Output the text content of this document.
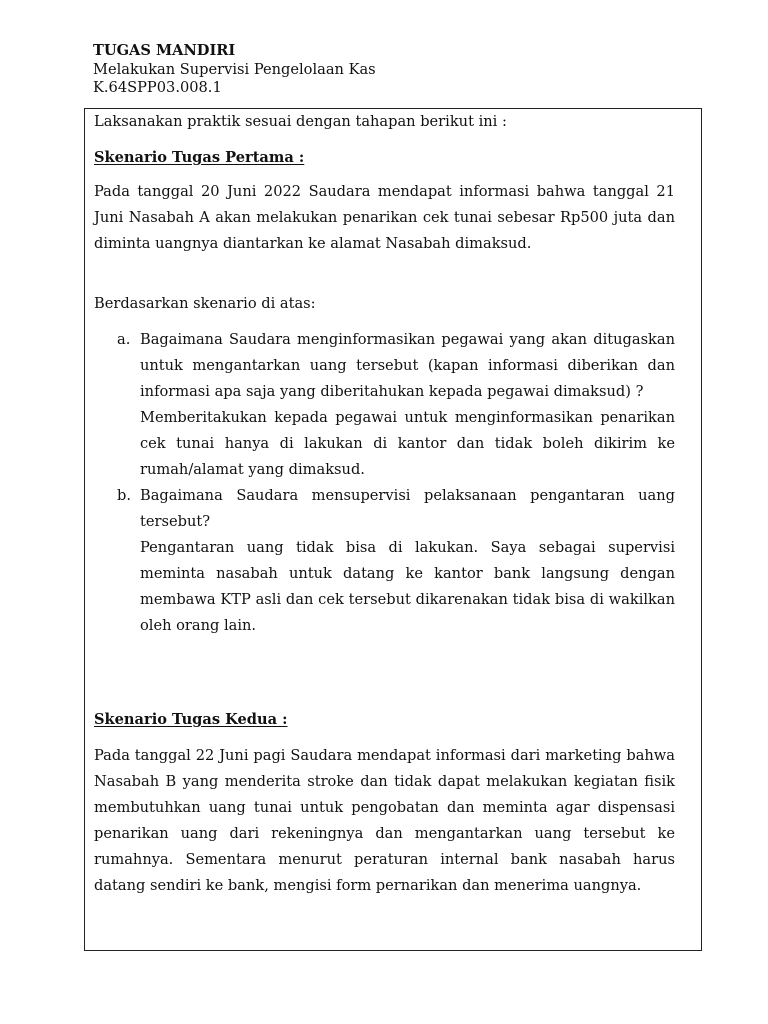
TUGAS MANDIRI
Melakukan Supervisi Pengelolaan Kas
K.64SPP03.008.1

Laksanakan praktik sesuai dengan tahapan berikut ini :

Skenario Tugas Pertama :

Pada tanggal 20 Juni 2022 Saudara mendapat informasi bahwa tanggal 21 Juni Nasabah A akan melakukan penarikan cek tunai sebesar Rp500 juta dan diminta uangnya diantarkan ke alamat Nasabah dimaksud.

Berdasarkan skenario di atas:

a. Bagaimana Saudara menginformasikan pegawai yang akan ditugaskan untuk mengantarkan uang tersebut (kapan informasi diberikan dan informasi apa saja yang diberitahukan kepada pegawai dimaksud) ?

Memberitakukan kepada pegawai untuk menginformasikan penarikan cek tunai hanya di lakukan di kantor dan tidak boleh dikirim ke rumah/alamat yang dimaksud.

b. Bagaimana Saudara mensupervisi pelaksanaan pengantaran uang tersebut?

Pengantaran uang tidak bisa di lakukan. Saya sebagai supervisi meminta nasabah untuk datang ke kantor bank langsung dengan membawa KTP asli dan cek tersebut dikarenakan tidak bisa di wakilkan oleh orang lain.

Skenario Tugas Kedua :

Pada tanggal 22 Juni pagi Saudara mendapat informasi dari marketing bahwa Nasabah B yang menderita stroke dan tidak dapat melakukan kegiatan fisik membutuhkan uang tunai untuk pengobatan dan meminta agar dispensasi penarikan uang dari rekeningnya dan mengantarkan uang tersebut ke rumahnya. Sementara menurut peraturan internal bank nasabah harus datang sendiri ke bank, mengisi form pernarikan dan menerima uangnya.
